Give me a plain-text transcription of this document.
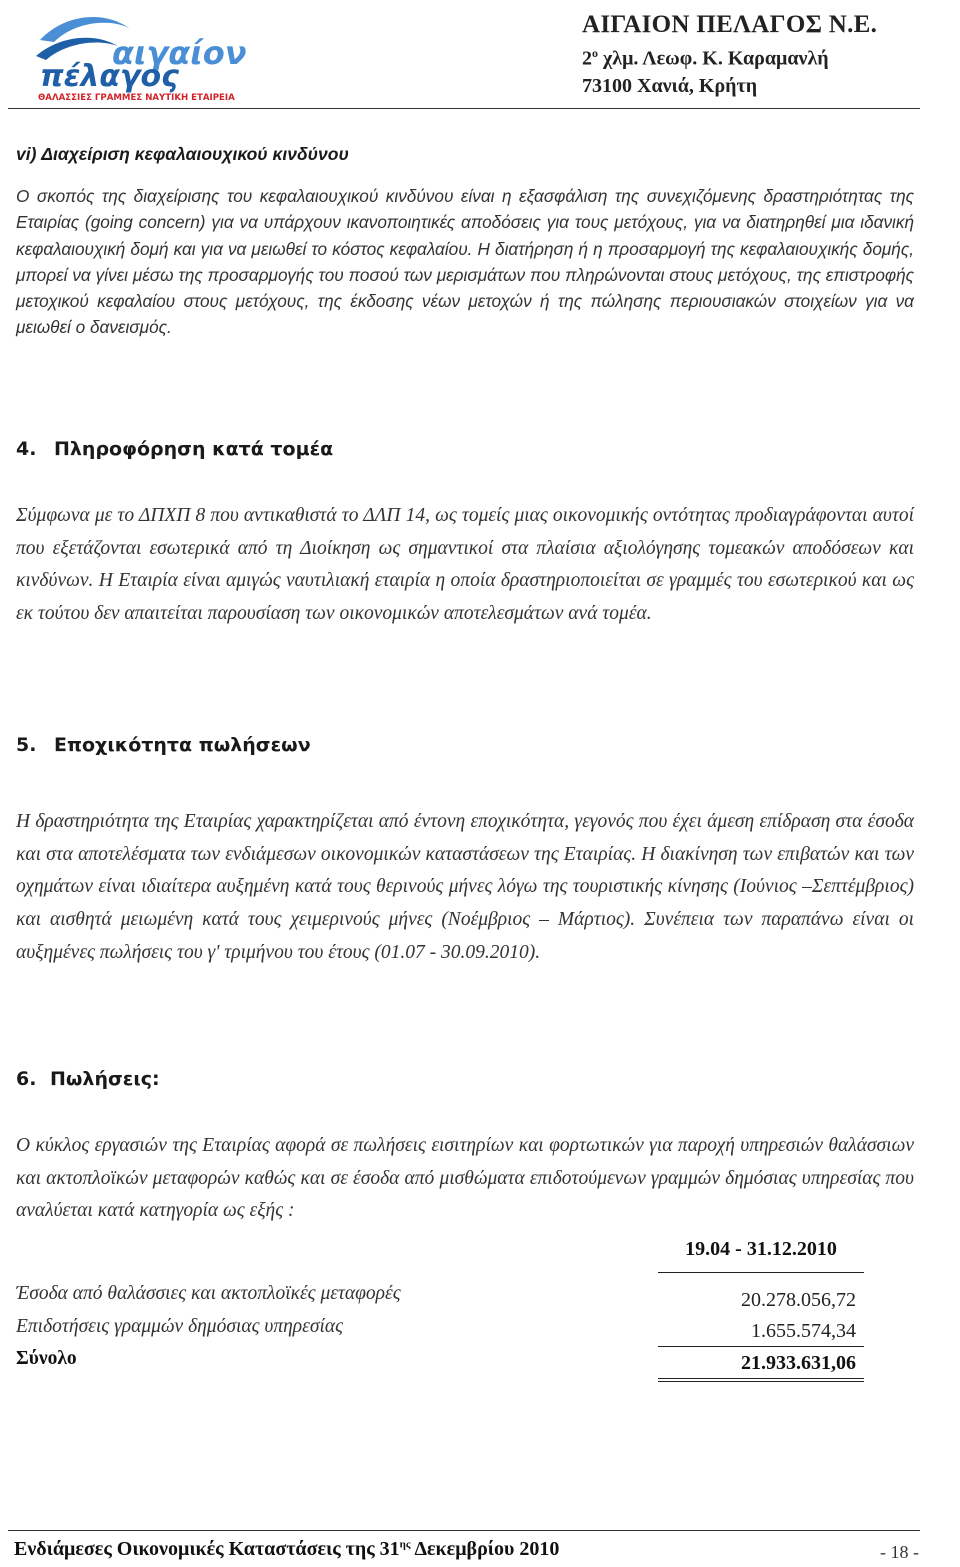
αιγαίον
πέλαγος
ΘΑΛΑΣΣΙΕΣ ΓΡΑΜΜΕΣ ΝΑΥΤΙΚΗ ΕΤΑΙΡΕΙΑ
ΑΙΓΑΙΟΝ ΠΕΛΑΓΟΣ Ν.Ε.
$2^o$ χλμ. Λεωφ. Κ. Καραμανλή
73100 Χανιά, Κρήτη
vi) Διαχείριση κεφαλαιουχικού κινδύνου
Ο σκοπός της διαχείρισης του κεφαλαιουχικού κινδύνου είναι η εξασφάλιση της συνεχιζόμενης δραστηριότητας της Εταιρίας (going concern) για να υπάρχουν ικανοποιητικές αποδόσεις για τους μετόχους, για να διατηρηθεί μια ιδανική κεφαλαιουχική δομή και για να μειωθεί το κόστος κεφαλαίου. Η διατήρηση ή η προσαρμογή της κεφαλαιουχικής δομής, μπορεί να γίνει μέσω της προσαρμογής του ποσού των μερισμάτων που πληρώνονται στους μετόχους, της επιστροφής μετοχικού κεφαλαίου στους μετόχους, της έκδοσης νέων μετοχών ή της πώλησης περιουσιακών στοιχείων για να μειωθεί ο δανεισμός.
4. Πληροφόρηση κατά τομέα
Σύμφωνα με το ΔΠΧΠ 8 που αντικαθιστά το ΔΛΠ 14, ως τομείς μιας οικονομικής οντότητας προδιαγράφονται αυτοί που εξετάζονται εσωτερικά από τη Διοίκηση ως σημαντικοί στα πλαίσια αξιολόγησης τομεακών αποδόσεων και κινδύνων. Η Εταιρία είναι αμιγώς ναυτιλιακή εταιρία η οποία δραστηριοποιείται σε γραμμές του εσωτερικού και ως εκ τούτου δεν απαιτείται παρουσίαση των οικονομικών αποτελεσμάτων ανά τομέα.
5. Εποχικότητα πωλήσεων
Η δραστηριότητα της Εταιρίας χαρακτηρίζεται από έντονη εποχικότητα, γεγονός που έχει άμεση επίδραση στα έσοδα και στα αποτελέσματα των ενδιάμεσων οικονομικών καταστάσεων της Εταιρίας. Η διακίνηση των επιβατών και των οχημάτων είναι ιδιαίτερα αυξημένη κατά τους θερινούς μήνες λόγω της τουριστικής κίνησης (Ιούνιος –Σεπτέμβριος) και αισθητά μειωμένη κατά τους χειμερινούς μήνες (Νοέμβριος – Μάρτιος). Συνέπεια των παραπάνω είναι οι αυξημένες πωλήσεις του γ' τριμήνου του έτους (01.07 - 30.09.2010).
6. Πωλήσεις:
Ο κύκλος εργασιών της Εταιρίας αφορά σε πωλήσεις εισιτηρίων και φορτωτικών για παροχή υπηρεσιών θαλάσσιων και ακτοπλοϊκών μεταφορών καθώς και σε έσοδα από μισθώματα επιδοτούμενων γραμμών δημόσιας υπηρεσίας που αναλύεται κατά κατηγορία ως εξής :
19.04 - 31.12.2010
Έσοδα από θαλάσσιες και ακτοπλοϊκές μεταφορές	20.278.056,72
Επιδοτήσεις γραμμών δημόσιας υπηρεσίας	1.655.574,34
Σύνολο	21.933.631,06
Ενδιάμεσες Οικονομικές Καταστάσεις της $31^{\eta\varsigma}$ Δεκεμβρίου 2010	- 18 -
